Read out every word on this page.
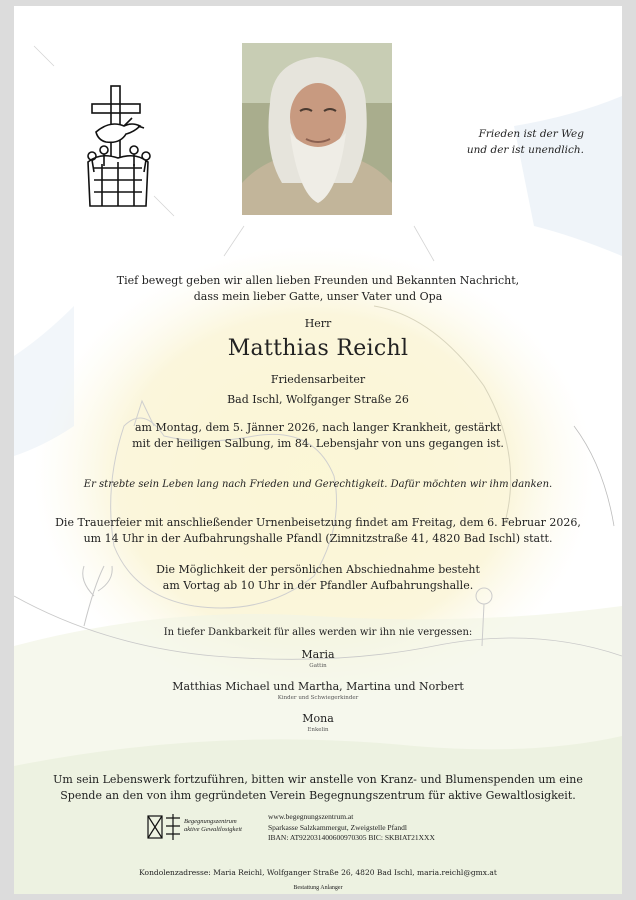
Frieden ist der Weg
und der ist unendlich.
Tief bewegt geben wir allen lieben Freunden und Bekannten Nachricht,
dass mein lieber Gatte, unser Vater und Opa
Herr
Matthias Reichl
Friedensarbeiter
Bad Ischl, Wolfganger Straße 26
am Montag, dem 5. Jänner 2026, nach langer Krankheit, gestärkt
mit der heiligen Salbung, im 84. Lebensjahr von uns gegangen ist.
Er strebte sein Leben lang nach Frieden und Gerechtigkeit. Dafür möchten wir ihm danken.
Die Trauerfeier mit anschließender Urnenbeisetzung findet am Freitag, dem 6. Februar 2026,
um 14 Uhr in der Aufbahrungshalle Pfandl (Zimnitzstraße 41, 4820 Bad Ischl) statt.
Die Möglichkeit der persönlichen Abschiednahme besteht
am Vortag ab 10 Uhr in der Pfandler Aufbahrungshalle.
In tiefer Dankbarkeit für alles werden wir ihn nie vergessen:
Maria
Gattin
Matthias Michael und Martha, Martina und Norbert
Kinder und Schwiegerkinder
Mona
Enkelin
Um sein Lebenswerk fortzuführen, bitten wir anstelle von Kranz- und Blumenspenden um eine
Spende an den von ihm gegründeten Verein Begegnungszentrum für aktive Gewaltlosigkeit.
Begegnungszentrum aktive Gewaltlosigkeit
www.begegnungszentrum.at
Sparkasse Salzkammergut, Zweigstelle Pfandl
IBAN: AT922031400600970305 BIC: SKBIAT21XXX
Kondolenzadresse: Maria Reichl, Wolfganger Straße 26, 4820 Bad Ischl, maria.reichl@gmx.at
Bestattung Anlanger
